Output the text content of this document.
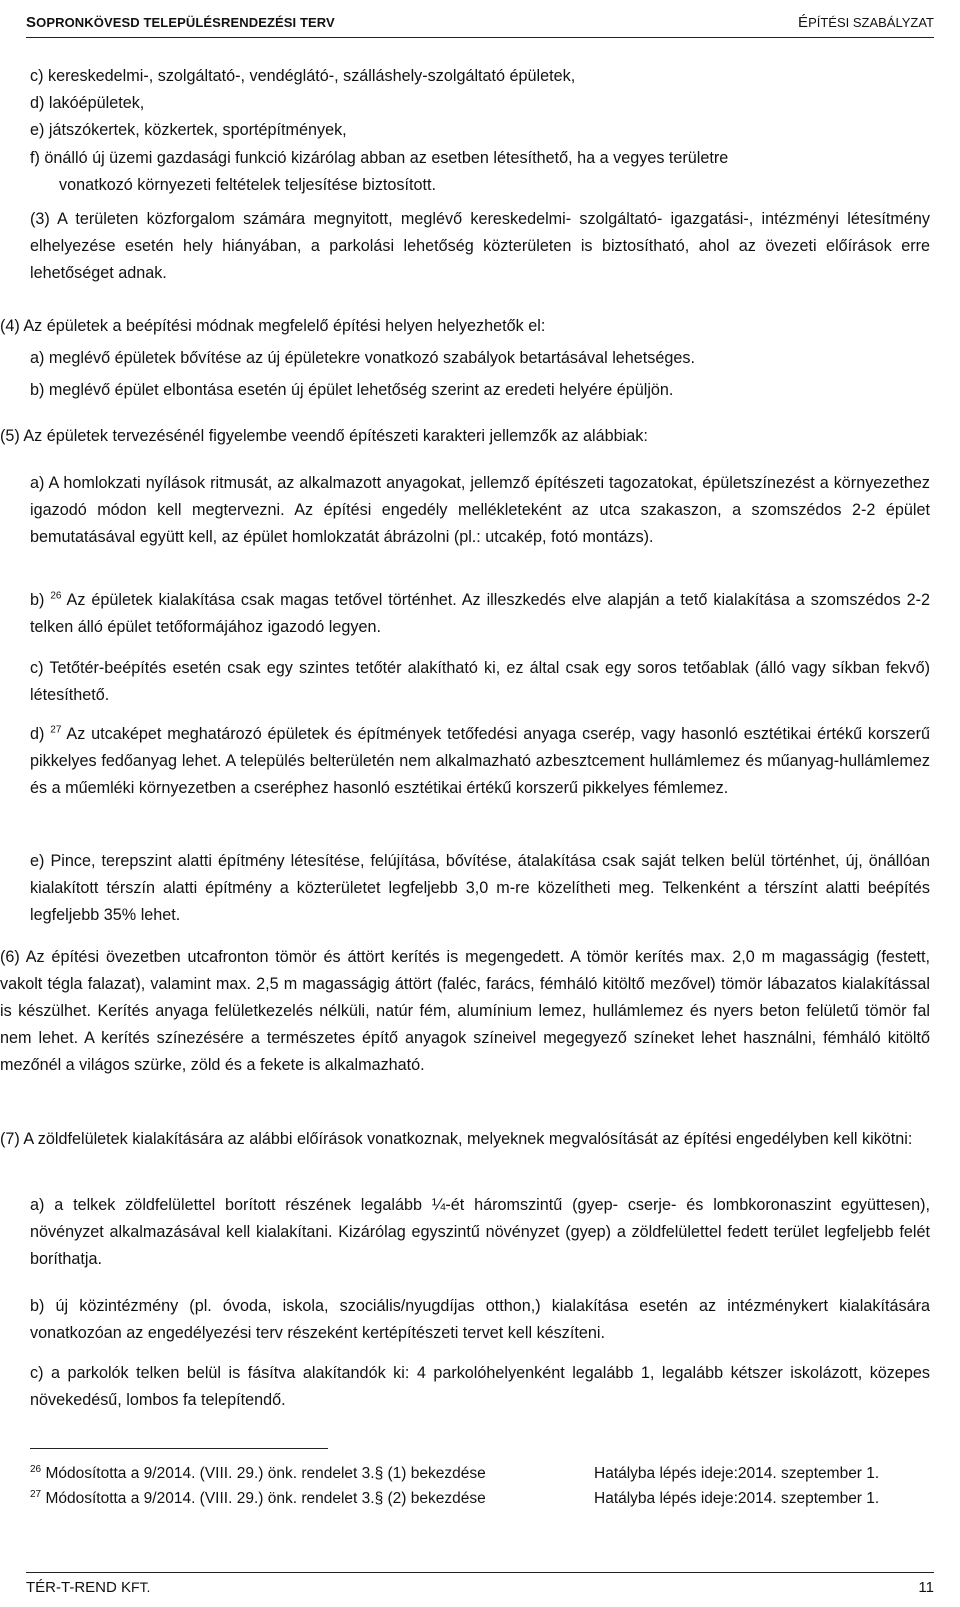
SOPRONKÖVESD TELEPÜLÉSRENDEZÉSI TERV	ÉPÍTÉSI SZABÁLYZAT
c) kereskedelmi-, szolgáltató-, vendéglátó-, szálláshely-szolgáltató épületek,
d) lakóépületek,
e) játszókertek, közkertek, sportépítmények,
f) önálló új üzemi gazdasági funkció kizárólag abban az esetben létesíthető, ha a vegyes területre
vonatkozó környezeti feltételek teljesítése biztosított.
(3) A területen közforgalom számára megnyitott, meglévő kereskedelmi- szolgáltató- igazgatási-, intézményi létesítmény elhelyezése esetén hely hiányában, a parkolási lehetőség közterületen is biztosítható, ahol az övezeti előírások erre lehetőséget adnak.
(4) Az épületek a beépítési módnak megfelelő építési helyen helyezhetők el:
a) meglévő épületek bővítése az új épületekre vonatkozó szabályok betartásával lehetséges.
b) meglévő épület elbontása esetén új épület lehetőség szerint az eredeti helyére épüljön.
(5) Az épületek tervezésénél figyelembe veendő építészeti karakteri jellemzők az alábbiak:
a) A homlokzati nyílások ritmusát, az alkalmazott anyagokat, jellemző építészeti tagozatokat, épületszínezést a környezethez igazodó módon kell megtervezni. Az építési engedély mellékleteként az utca szakaszon, a szomszédos 2-2 épület bemutatásával együtt kell, az épület homlokzatát ábrázolni (pl.: utcakép, fotó montázs).
b) $^{26}$ Az épületek kialakítása csak magas tetővel történhet. Az illeszkedés elve alapján a tető kialakítása a szomszédos 2-2 telken álló épület tetőformájához igazodó legyen.
c) Tetőtér-beépítés esetén csak egy szintes tetőtér alakítható ki, ez által csak egy soros tetőablak (álló vagy síkban fekvő) létesíthető.
d) $^{27}$ Az utcaképet meghatározó épületek és építmények tetőfedési anyaga cserép, vagy hasonló esztétikai értékű korszerű pikkelyes fedőanyag lehet. A település belterületén nem alkalmazható azbesztcement hullámlemez és műanyag-hullámlemez és a műemléki környezetben a cseréphez hasonló esztétikai értékű korszerű pikkelyes fémlemez.
e) Pince, terepszint alatti építmény létesítése, felújítása, bővítése, átalakítása csak saját telken belül történhet, új, önállóan kialakított térszín alatti építmény a közterületet legfeljebb 3,0 m-re közelítheti meg. Telkenként a térszínt alatti beépítés legfeljebb 35% lehet.
(6) Az építési övezetben utcafronton tömör és áttört kerítés is megengedett. A tömör kerítés max. 2,0 m magasságig (festett, vakolt tégla falazat), valamint max. 2,5 m magasságig áttört (faléc, farács, fémháló kitöltő mezővel) tömör lábazatos kialakítással is készülhet. Kerítés anyaga felületkezelés nélküli, natúr fém, alumínium lemez, hullámlemez és nyers beton felületű tömör fal nem lehet. A kerítés színezésére a természetes építő anyagok színeivel megegyező színeket lehet használni, fémháló kitöltő mezőnél a világos szürke, zöld és a fekete is alkalmazható.
(7) A zöldfelületek kialakítására az alábbi előírások vonatkoznak, melyeknek megvalósítását az építési engedélyben kell kikötni:
a) a telkek zöldfelülettel borított részének legalább ¼-ét háromszintű (gyep- cserje- és lombkoronaszint együttesen), növényzet alkalmazásával kell kialakítani. Kizárólag egyszintű növényzet (gyep) a zöldfelülettel fedett terület legfeljebb felét boríthatja.
b) új közintézmény (pl. óvoda, iskola, szociális/nyugdíjas otthon,) kialakítása esetén az intézménykert kialakítására vonatkozóan az engedélyezési terv részeként kertépítészeti tervet kell készíteni.
c) a parkolók telken belül is fásítva alakítandók ki: 4 parkolóhelyenként legalább 1, legalább kétszer iskolázott, közepes növekedésű, lombos fa telepítendő.
$^{26}$ Módosította a 9/2014. (VIII. 29.) önk. rendelet 3.§ (1) bekezdése	Hatályba lépés ideje:2014. szeptember 1.
$^{27}$ Módosította a 9/2014. (VIII. 29.) önk. rendelet 3.§ (2) bekezdése	Hatályba lépés ideje:2014. szeptember 1.
TÉR-T-REND KFT.	11
